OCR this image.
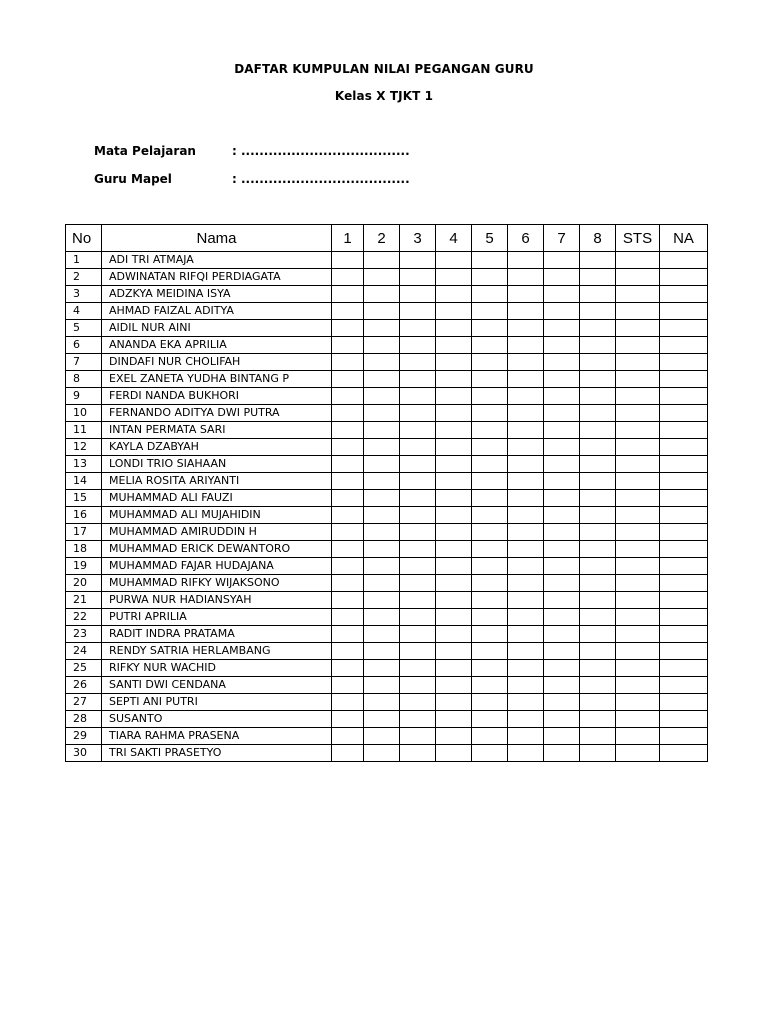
DAFTAR KUMPULAN NILAI PEGANGAN GURU
Kelas X TJKT 1
Mata Pelajaran	: .....................................
Guru Mapel	: .....................................
No	Nama	1	2	3	4	5	6	7	8	STS	NA
1	ADI TRI ATMAJA										
2	ADWINATAN RIFQI PERDIAGATA										
3	ADZKYA MEIDINA ISYA										
4	AHMAD FAIZAL ADITYA										
5	AIDIL NUR AINI										
6	ANANDA EKA APRILIA										
7	DINDAFI NUR CHOLIFAH										
8	EXEL ZANETA YUDHA BINTANG P										
9	FERDI NANDA BUKHORI										
10	FERNANDO ADITYA DWI PUTRA										
11	INTAN PERMATA SARI										
12	KAYLA DZABYAH										
13	LONDI TRIO SIAHAAN										
14	MELIA ROSITA ARIYANTI										
15	MUHAMMAD ALI FAUZI										
16	MUHAMMAD ALI MUJAHIDIN										
17	MUHAMMAD AMIRUDDIN H										
18	MUHAMMAD ERICK DEWANTORO										
19	MUHAMMAD FAJAR HUDAJANA										
20	MUHAMMAD RIFKY WIJAKSONO										
21	PURWA NUR HADIANSYAH										
22	PUTRI APRILIA										
23	RADIT INDRA PRATAMA										
24	RENDY SATRIA HERLAMBANG										
25	RIFKY NUR WACHID										
26	SANTI DWI CENDANA										
27	SEPTI ANI PUTRI										
28	SUSANTO										
29	TIARA RAHMA PRASENA										
30	TRI SAKTI PRASETYO										
